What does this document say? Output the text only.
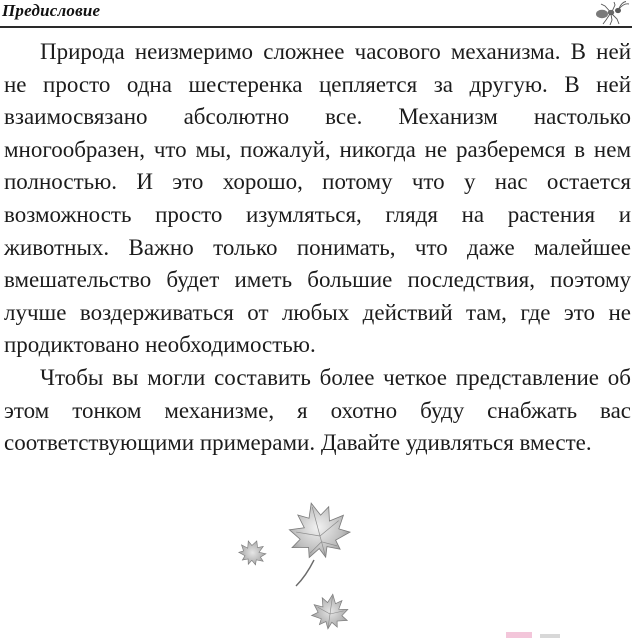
Предисловие

Природа неизмеримо сложнее часового механизма. В ней не просто одна шестеренка цепляется за другую. В ней взаимосвязано абсолютно все. Механизм настолько многообразен, что мы, пожалуй, никогда не разберемся в нем полностью. И это хорошо, потому что у нас остается возможность просто изумляться, глядя на растения и животных. Важно только понимать, что даже малейшее вмешательство будет иметь большие последствия, поэтому лучше воздерживаться от любых действий там, где это не продиктовано необходимостью.

Чтобы вы могли составить более четкое представление об этом тонком механизме, я охотно буду снабжать вас соответствующими примерами. Давайте удивляться вместе.
